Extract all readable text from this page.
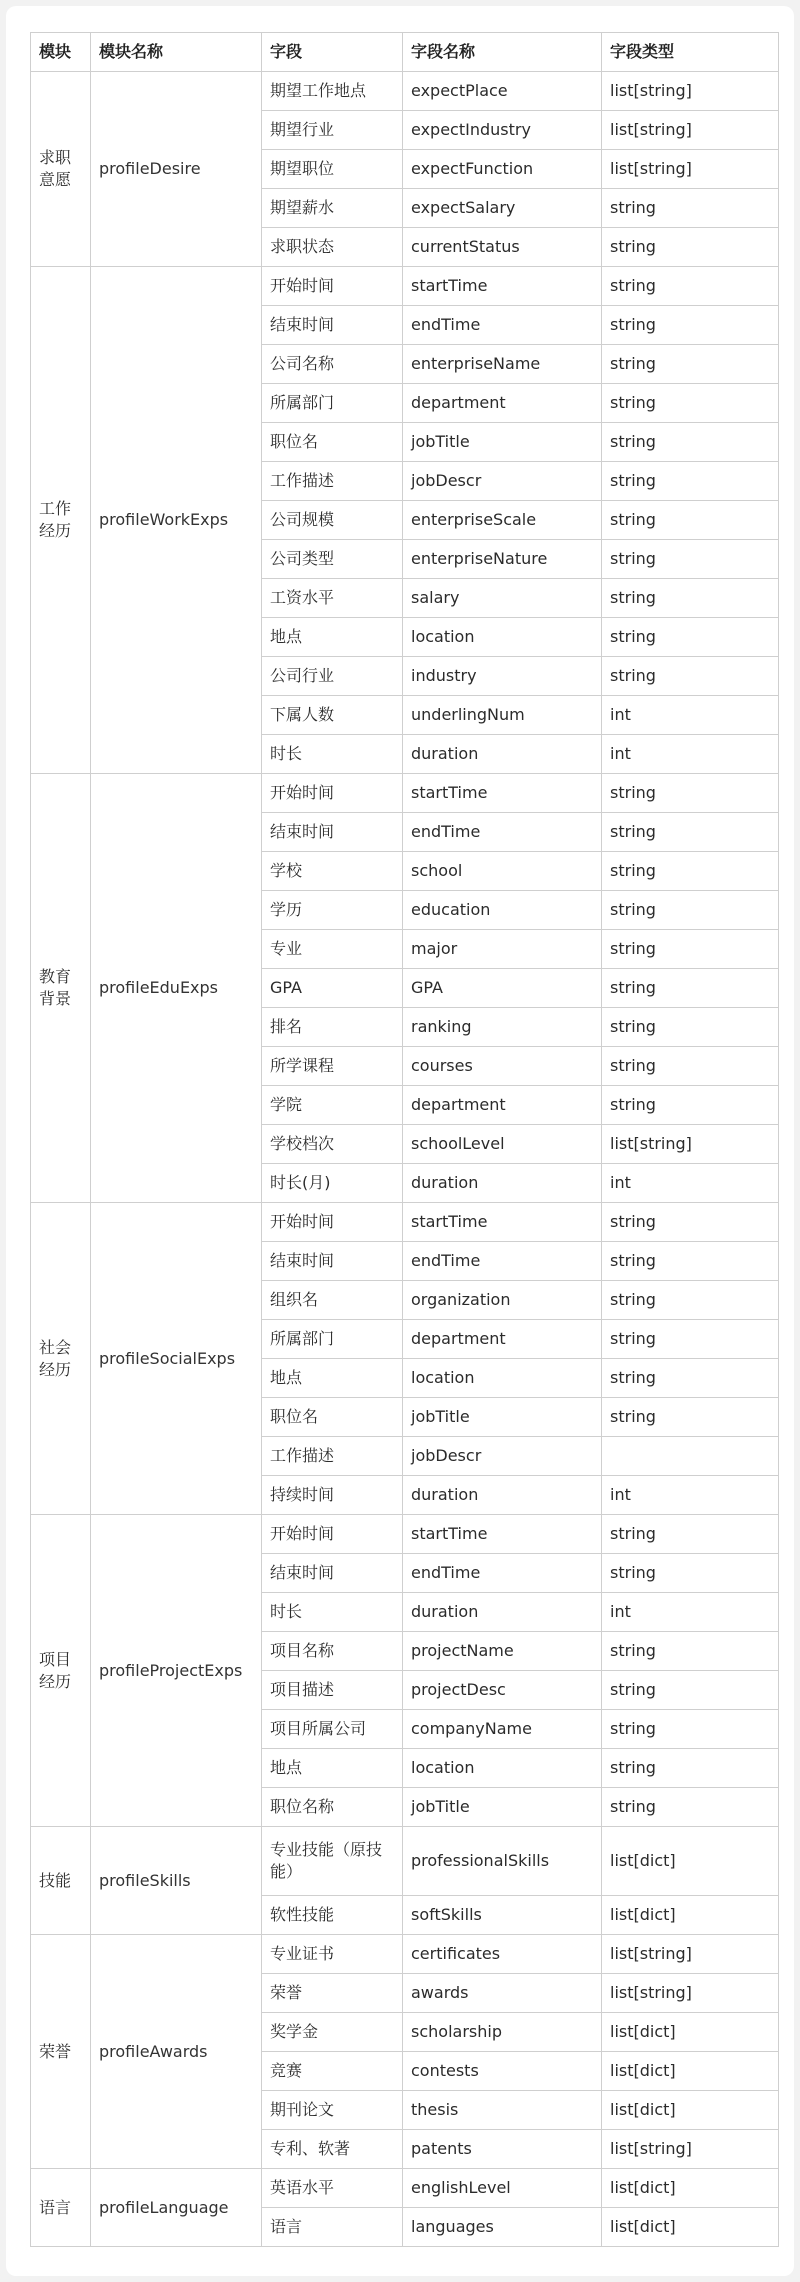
模块	模块名称	字段	字段名称	字段类型
求职意愿	profileDesire	期望工作地点	expectPlace	list[string]
		期望行业	expectIndustry	list[string]
		期望职位	expectFunction	list[string]
		期望薪水	expectSalary	string
		求职状态	currentStatus	string
工作经历	profileWorkExps	开始时间	startTime	string
		结束时间	endTime	string
		公司名称	enterpriseName	string
		所属部门	department	string
		职位名	jobTitle	string
		工作描述	jobDescr	string
		公司规模	enterpriseScale	string
		公司类型	enterpriseNature	string
		工资水平	salary	string
		地点	location	string
		公司行业	industry	string
		下属人数	underlingNum	int
		时长	duration	int
教育背景	profileEduExps	开始时间	startTime	string
		结束时间	endTime	string
		学校	school	string
		学历	education	string
		专业	major	string
		GPA	GPA	string
		排名	ranking	string
		所学课程	courses	string
		学院	department	string
		学校档次	schoolLevel	list[string]
		时长(月)	duration	int
社会经历	profileSocialExps	开始时间	startTime	string
		结束时间	endTime	string
		组织名	organization	string
		所属部门	department	string
		地点	location	string
		职位名	jobTitle	string
		工作描述	jobDescr	
		持续时间	duration	int
项目经历	profileProjectExps	开始时间	startTime	string
		结束时间	endTime	string
		时长	duration	int
		项目名称	projectName	string
		项目描述	projectDesc	string
		项目所属公司	companyName	string
		地点	location	string
		职位名称	jobTitle	string
技能	profileSkills	专业技能（原技能）	professionalSkills	list[dict]
		软性技能	softSkills	list[dict]
荣誉	profileAwards	专业证书	certificates	list[string]
		荣誉	awards	list[string]
		奖学金	scholarship	list[dict]
		竞赛	contests	list[dict]
		期刊论文	thesis	list[dict]
		专利、软著	patents	list[string]
语言	profileLanguage	英语水平	englishLevel	list[dict]
		语言	languages	list[dict]
